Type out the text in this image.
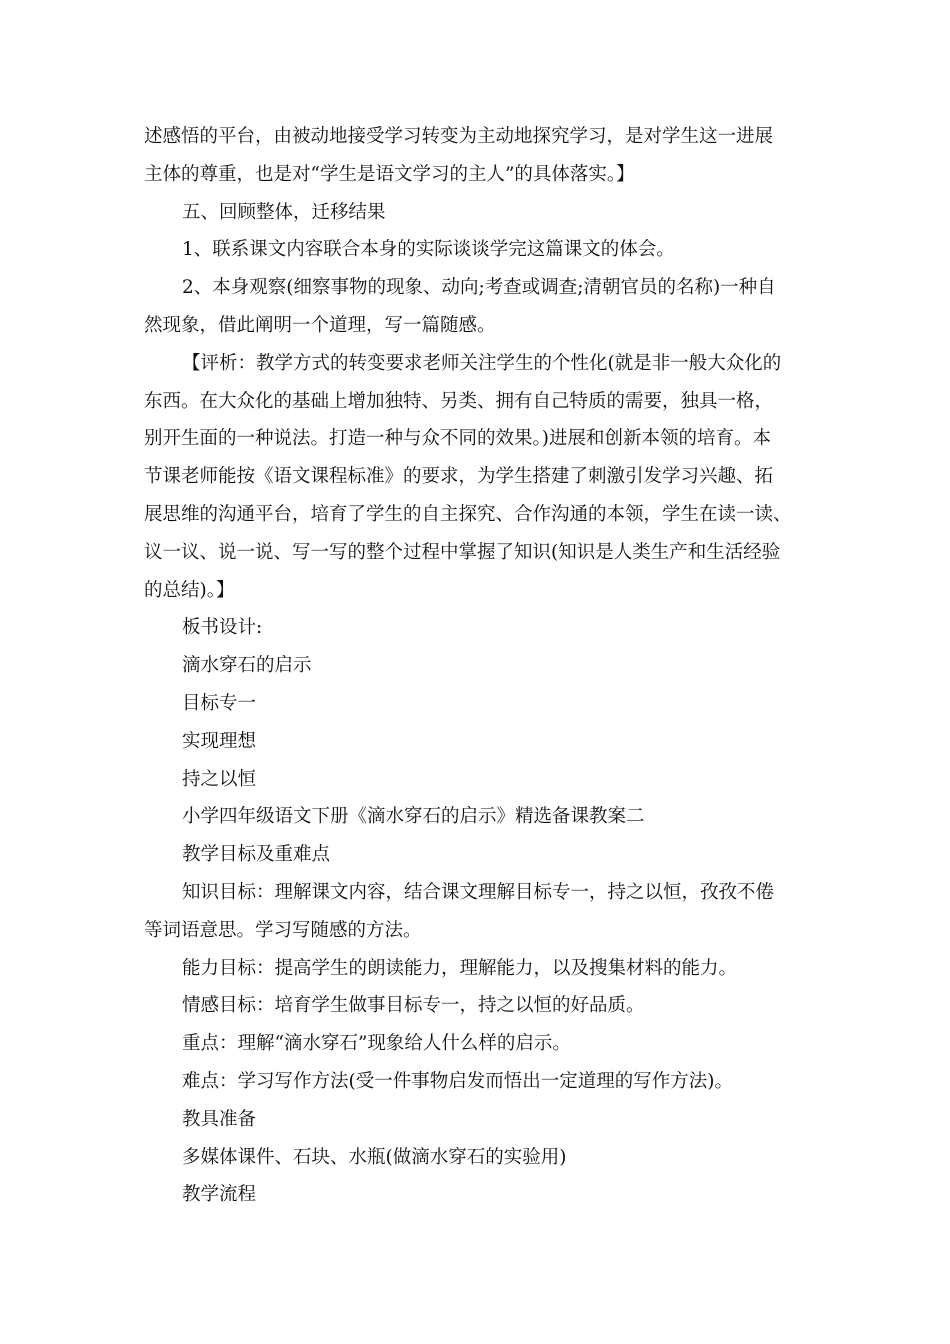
述感悟的平台，由被动地接受学习转变为主动地探究学习，是对学生这一进展
主体的尊重，也是对“学生是语文学习的主人”的具体落实。】
五、回顾整体，迁移结果
1、联系课文内容联合本身的实际谈谈学完这篇课文的体会。
2、本身观察(细察事物的现象、动向;考查或调查;清朝官员的名称)一种自
然现象，借此阐明一个道理，写一篇随感。
【评析：教学方式的转变要求老师关注学生的个性化(就是非一般大众化的
东西。在大众化的基础上增加独特、另类、拥有自己特质的需要，独具一格，
别开生面的一种说法。打造一种与众不同的效果。)进展和创新本领的培育。本
节课老师能按《语文课程标准》的要求，为学生搭建了刺激引发学习兴趣、拓
展思维的沟通平台，培育了学生的自主探究、合作沟通的本领，学生在读一读、
议一议、说一说、写一写的整个过程中掌握了知识(知识是人类生产和生活经验
的总结)。】
板书设计:
滴水穿石的启示
目标专一
实现理想
持之以恒
小学四年级语文下册《滴水穿石的启示》精选备课教案二
教学目标及重难点
知识目标：理解课文内容，结合课文理解目标专一，持之以恒，孜孜不倦
等词语意思。学习写随感的方法。
能力目标：提高学生的朗读能力，理解能力，以及搜集材料的能力。
情感目标：培育学生做事目标专一，持之以恒的好品质。
重点：理解“滴水穿石”现象给人什么样的启示。
难点：学习写作方法(受一件事物启发而悟出一定道理的写作方法)。
教具准备
多媒体课件、石块、水瓶(做滴水穿石的实验用)
教学流程
